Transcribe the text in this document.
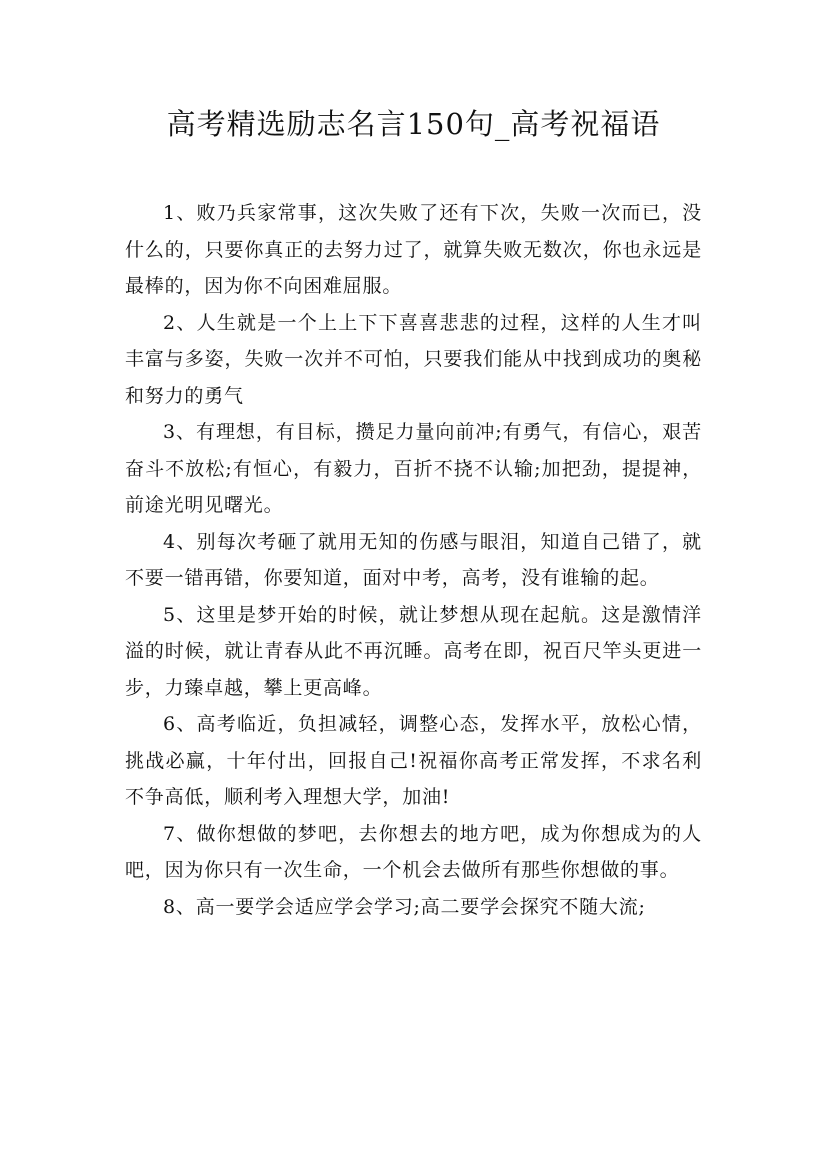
高考精选励志名言150句_高考祝福语

1、败乃兵家常事，这次失败了还有下次，失败一次而已，没什么的，只要你真正的去努力过了，就算失败无数次，你也永远是最棒的，因为你不向困难屈服。

2、人生就是一个上上下下喜喜悲悲的过程，这样的人生才叫丰富与多姿，失败一次并不可怕，只要我们能从中找到成功的奥秘和努力的勇气

3、有理想，有目标，攒足力量向前冲;有勇气，有信心，艰苦奋斗不放松;有恒心，有毅力，百折不挠不认输;加把劲，提提神，前途光明见曙光。

4、别每次考砸了就用无知的伤感与眼泪，知道自己错了，就不要一错再错，你要知道，面对中考，高考，没有谁输的起。

5、这里是梦开始的时候，就让梦想从现在起航。这是激情洋溢的时候，就让青春从此不再沉睡。高考在即，祝百尺竿头更进一步，力臻卓越，攀上更高峰。

6、高考临近，负担减轻，调整心态，发挥水平，放松心情，挑战必赢，十年付出，回报自己!祝福你高考正常发挥，不求名利不争高低，顺利考入理想大学，加油!

7、做你想做的梦吧，去你想去的地方吧，成为你想成为的人吧，因为你只有一次生命，一个机会去做所有那些你想做的事。

8、高一要学会适应学会学习;高二要学会探究不随大流;
